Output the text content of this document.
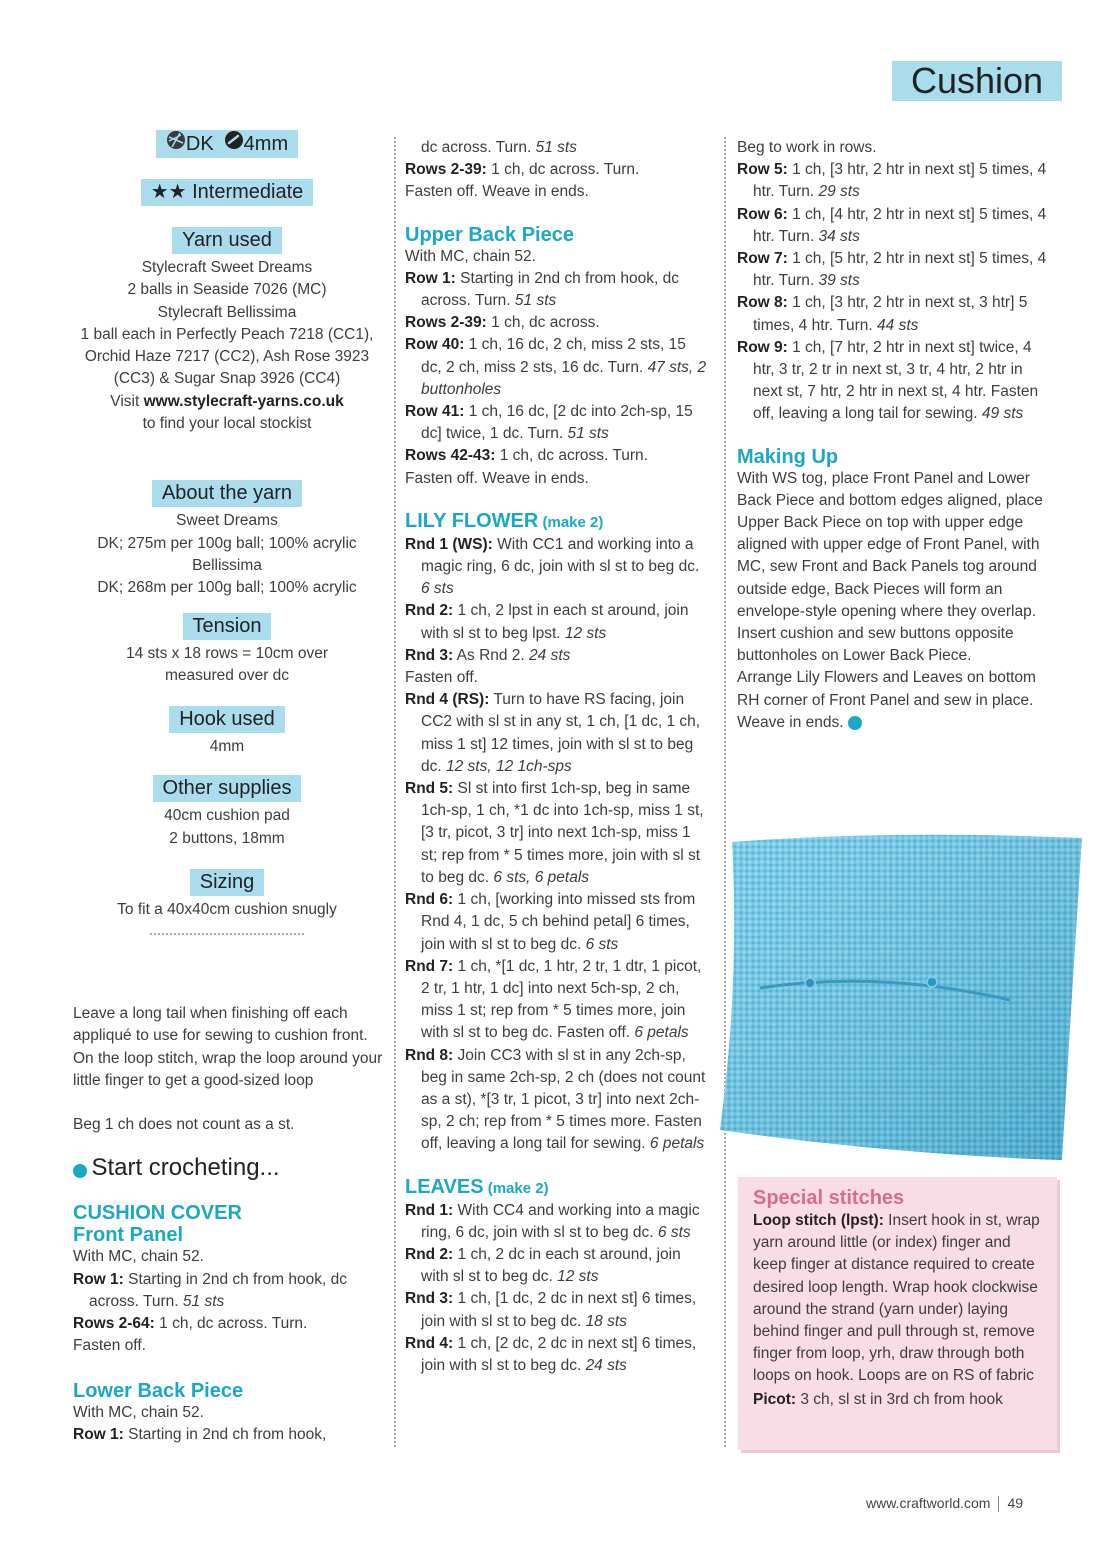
Cushion
DK 4mm
★★ Intermediate
Yarn used
Stylecraft Sweet Dreams
2 balls in Seaside 7026 (MC)
Stylecraft Bellissima
1 ball each in Perfectly Peach 7218 (CC1),
Orchid Haze 7217 (CC2), Ash Rose 3923
(CC3) & Sugar Snap 3926 (CC4)
Visit www.stylecraft-yarns.co.uk
to find your local stockist
About the yarn
Sweet Dreams
DK; 275m per 100g ball; 100% acrylic
Bellissima
DK; 268m per 100g ball; 100% acrylic
Tension
14 sts x 18 rows = 10cm over
measured over dc
Hook used
4mm
Other supplies
40cm cushion pad
2 buttons, 18mm
Sizing
To fit a 40x40cm cushion snugly
Leave a long tail when finishing off each appliqué to use for sewing to cushion front. On the loop stitch, wrap the loop around your little finger to get a good-sized loop
Beg 1 ch does not count as a st.
Start crocheting...
CUSHION COVER
Front Panel
With MC, chain 52.
Row 1: Starting in 2nd ch from hook, dc across. Turn. 51 sts
Rows 2-64: 1 ch, dc across. Turn.
Fasten off.
Lower Back Piece
With MC, chain 52.
Row 1: Starting in 2nd ch from hook,
dc across. Turn. 51 sts
Rows 2-39: 1 ch, dc across. Turn.
Fasten off. Weave in ends.
Upper Back Piece
With MC, chain 52.
Row 1: Starting in 2nd ch from hook, dc across. Turn. 51 sts
Rows 2-39: 1 ch, dc across.
Row 40: 1 ch, 16 dc, 2 ch, miss 2 sts, 15 dc, 2 ch, miss 2 sts, 16 dc. Turn. 47 sts, 2 buttonholes
Row 41: 1 ch, 16 dc, [2 dc into 2ch-sp, 15 dc] twice, 1 dc. Turn. 51 sts
Rows 42-43: 1 ch, dc across. Turn.
Fasten off. Weave in ends.
LILY FLOWER (make 2)
Rnd 1 (WS): With CC1 and working into a magic ring, 6 dc, join with sl st to beg dc. 6 sts
Rnd 2: 1 ch, 2 lpst in each st around, join with sl st to beg lpst. 12 sts
Rnd 3: As Rnd 2. 24 sts
Fasten off.
Rnd 4 (RS): Turn to have RS facing, join CC2 with sl st in any st, 1 ch, [1 dc, 1 ch, miss 1 st] 12 times, join with sl st to beg dc. 12 sts, 12 1ch-sps
Rnd 5: Sl st into first 1ch-sp, beg in same 1ch-sp, 1 ch, *1 dc into 1ch-sp, miss 1 st, [3 tr, picot, 3 tr] into next 1ch-sp, miss 1 st; rep from * 5 times more, join with sl st to beg dc. 6 sts, 6 petals
Rnd 6: 1 ch, [working into missed sts from Rnd 4, 1 dc, 5 ch behind petal] 6 times, join with sl st to beg dc. 6 sts
Rnd 7: 1 ch, *[1 dc, 1 htr, 2 tr, 1 dtr, 1 picot, 2 tr, 1 htr, 1 dc] into next 5ch-sp, 2 ch, miss 1 st; rep from * 5 times more, join with sl st to beg dc. Fasten off. 6 petals
Rnd 8: Join CC3 with sl st in any 2ch-sp, beg in same 2ch-sp, 2 ch (does not count as a st), *[3 tr, 1 picot, 3 tr] into next 2ch-sp, 2 ch; rep from * 5 times more. Fasten off, leaving a long tail for sewing. 6 petals
LEAVES (make 2)
Rnd 1: With CC4 and working into a magic ring, 6 dc, join with sl st to beg dc. 6 sts
Rnd 2: 1 ch, 2 dc in each st around, join with sl st to beg dc. 12 sts
Rnd 3: 1 ch, [1 dc, 2 dc in next st] 6 times, join with sl st to beg dc. 18 sts
Rnd 4: 1 ch, [2 dc, 2 dc in next st] 6 times, join with sl st to beg dc. 24 sts
Beg to work in rows.
Row 5: 1 ch, [3 htr, 2 htr in next st] 5 times, 4 htr. Turn. 29 sts
Row 6: 1 ch, [4 htr, 2 htr in next st] 5 times, 4 htr. Turn. 34 sts
Row 7: 1 ch, [5 htr, 2 htr in next st] 5 times, 4 htr. Turn. 39 sts
Row 8: 1 ch, [3 htr, 2 htr in next st, 3 htr] 5 times, 4 htr. Turn. 44 sts
Row 9: 1 ch, [7 htr, 2 htr in next st] twice, 4 htr, 3 tr, 2 tr in next st, 3 tr, 4 htr, 2 htr in next st, 7 htr, 2 htr in next st, 4 htr. Fasten off, leaving a long tail for sewing. 49 sts
Making Up
With WS tog, place Front Panel and Lower Back Piece and bottom edges aligned, place Upper Back Piece on top with upper edge aligned with upper edge of Front Panel, with MC, sew Front and Back Panels tog around outside edge, Back Pieces will form an envelope-style opening where they overlap. Insert cushion and sew buttons opposite buttonholes on Lower Back Piece.
Arrange Lily Flowers and Leaves on bottom RH corner of Front Panel and sew in place. Weave in ends.
Special stitches
Loop stitch (lpst): Insert hook in st, wrap yarn around little (or index) finger and keep finger at distance required to create desired loop length. Wrap hook clockwise around the strand (yarn under) laying behind finger and pull through st, remove finger from loop, yrh, draw through both loops on hook. Loops are on RS of fabric
Picot: 3 ch, sl st in 3rd ch from hook
www.craftworld.com 49
